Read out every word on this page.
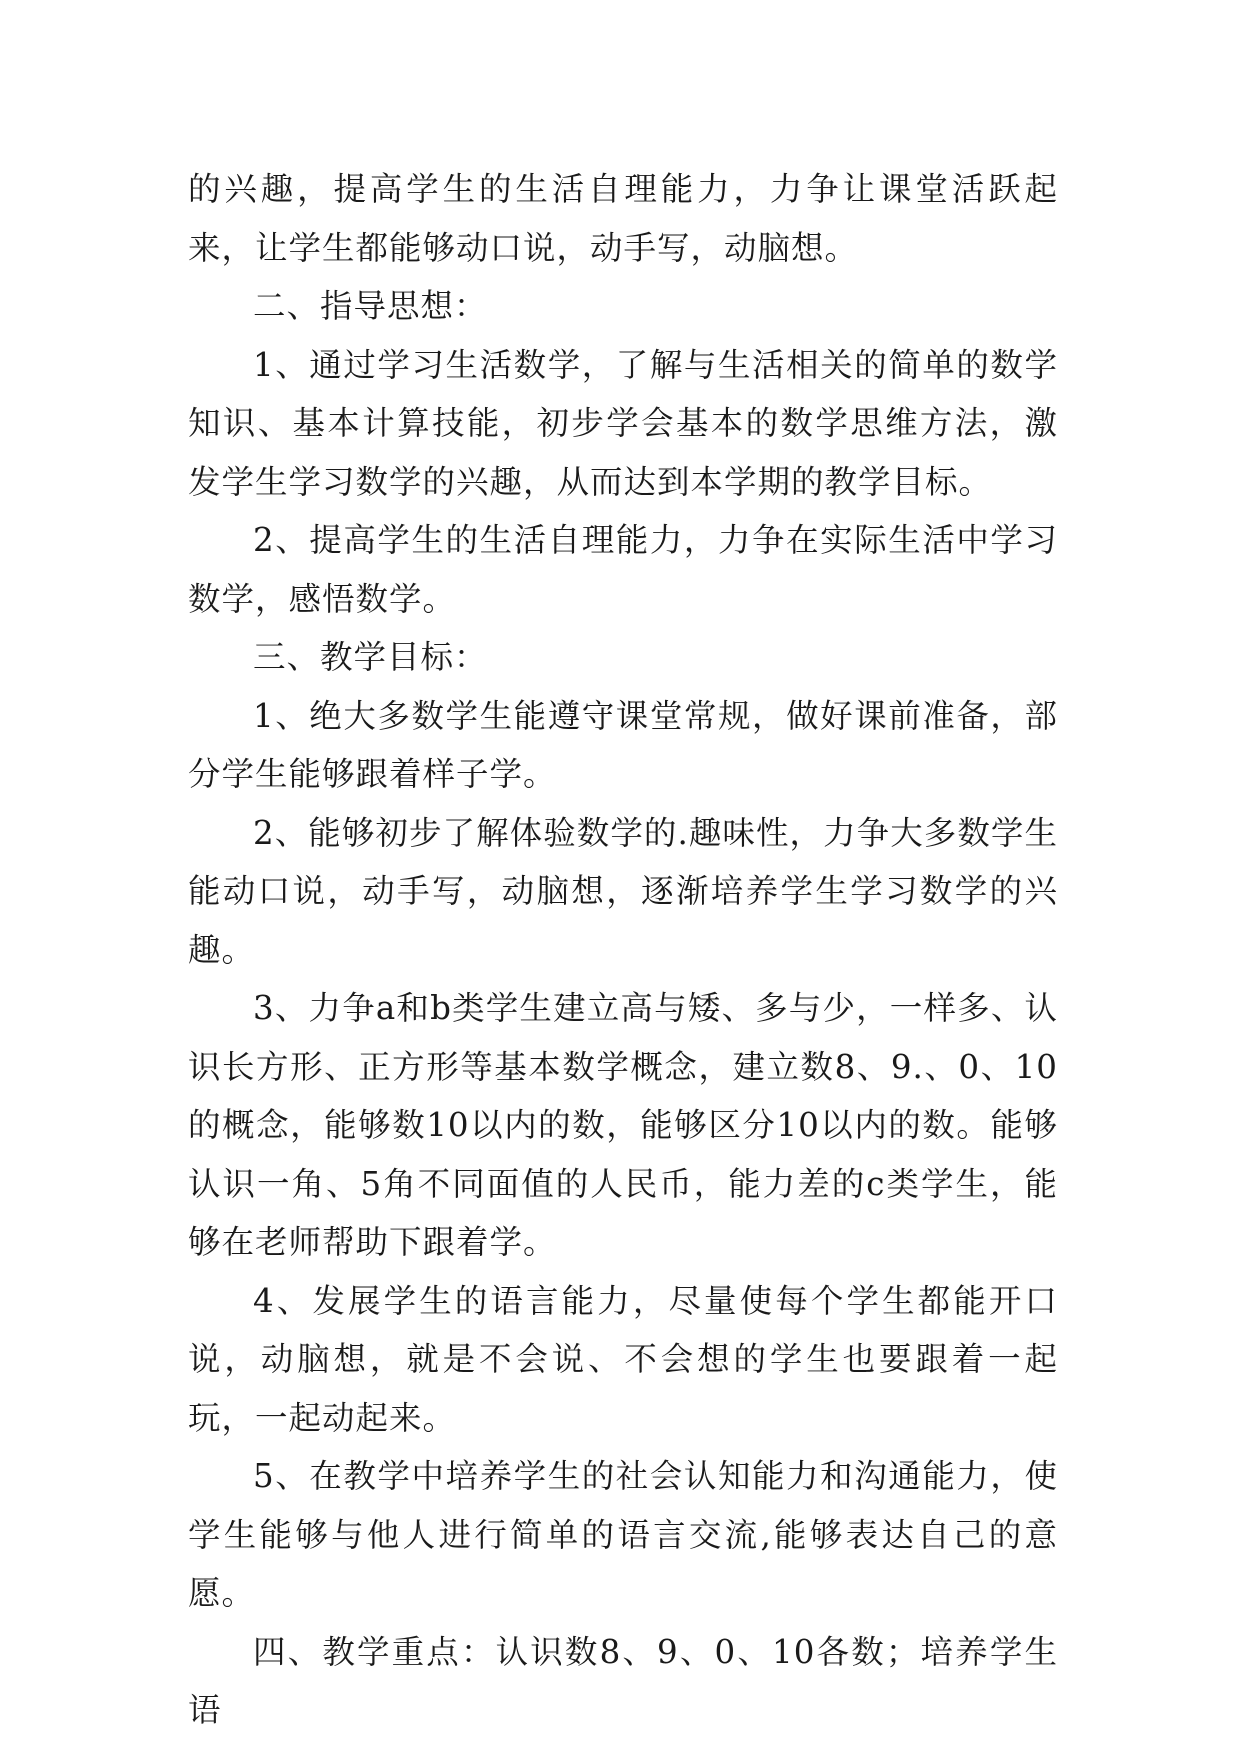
的兴趣，提高学生的生活自理能力，力争让课堂活跃起来，让学生都能够动口说，动手写，动脑想。

二、指导思想：

1、通过学习生活数学，了解与生活相关的简单的数学知识、基本计算技能，初步学会基本的数学思维方法，激发学生学习数学的兴趣，从而达到本学期的教学目标。

2、提高学生的生活自理能力，力争在实际生活中学习数学，感悟数学。

三、教学目标：

1、绝大多数学生能遵守课堂常规，做好课前准备，部分学生能够跟着样子学。

2、能够初步了解体验数学的.趣味性，力争大多数学生能动口说，动手写，动脑想，逐渐培养学生学习数学的兴趣。

3、力争a和b类学生建立高与矮、多与少，一样多、认识长方形、正方形等基本数学概念，建立数8、9.、0、10的概念，能够数10以内的数，能够区分10以内的数。能够认识一角、5角不同面值的人民币，能力差的c类学生，能够在老师帮助下跟着学。

4、发展学生的语言能力，尽量使每个学生都能开口说，动脑想，就是不会说、不会想的学生也要跟着一起玩，一起动起来。

5、在教学中培养学生的社会认知能力和沟通能力，使学生能够与他人进行简单的语言交流,能够表达自己的意愿。

四、教学重点：认识数8、9、0、10各数；培养学生语
